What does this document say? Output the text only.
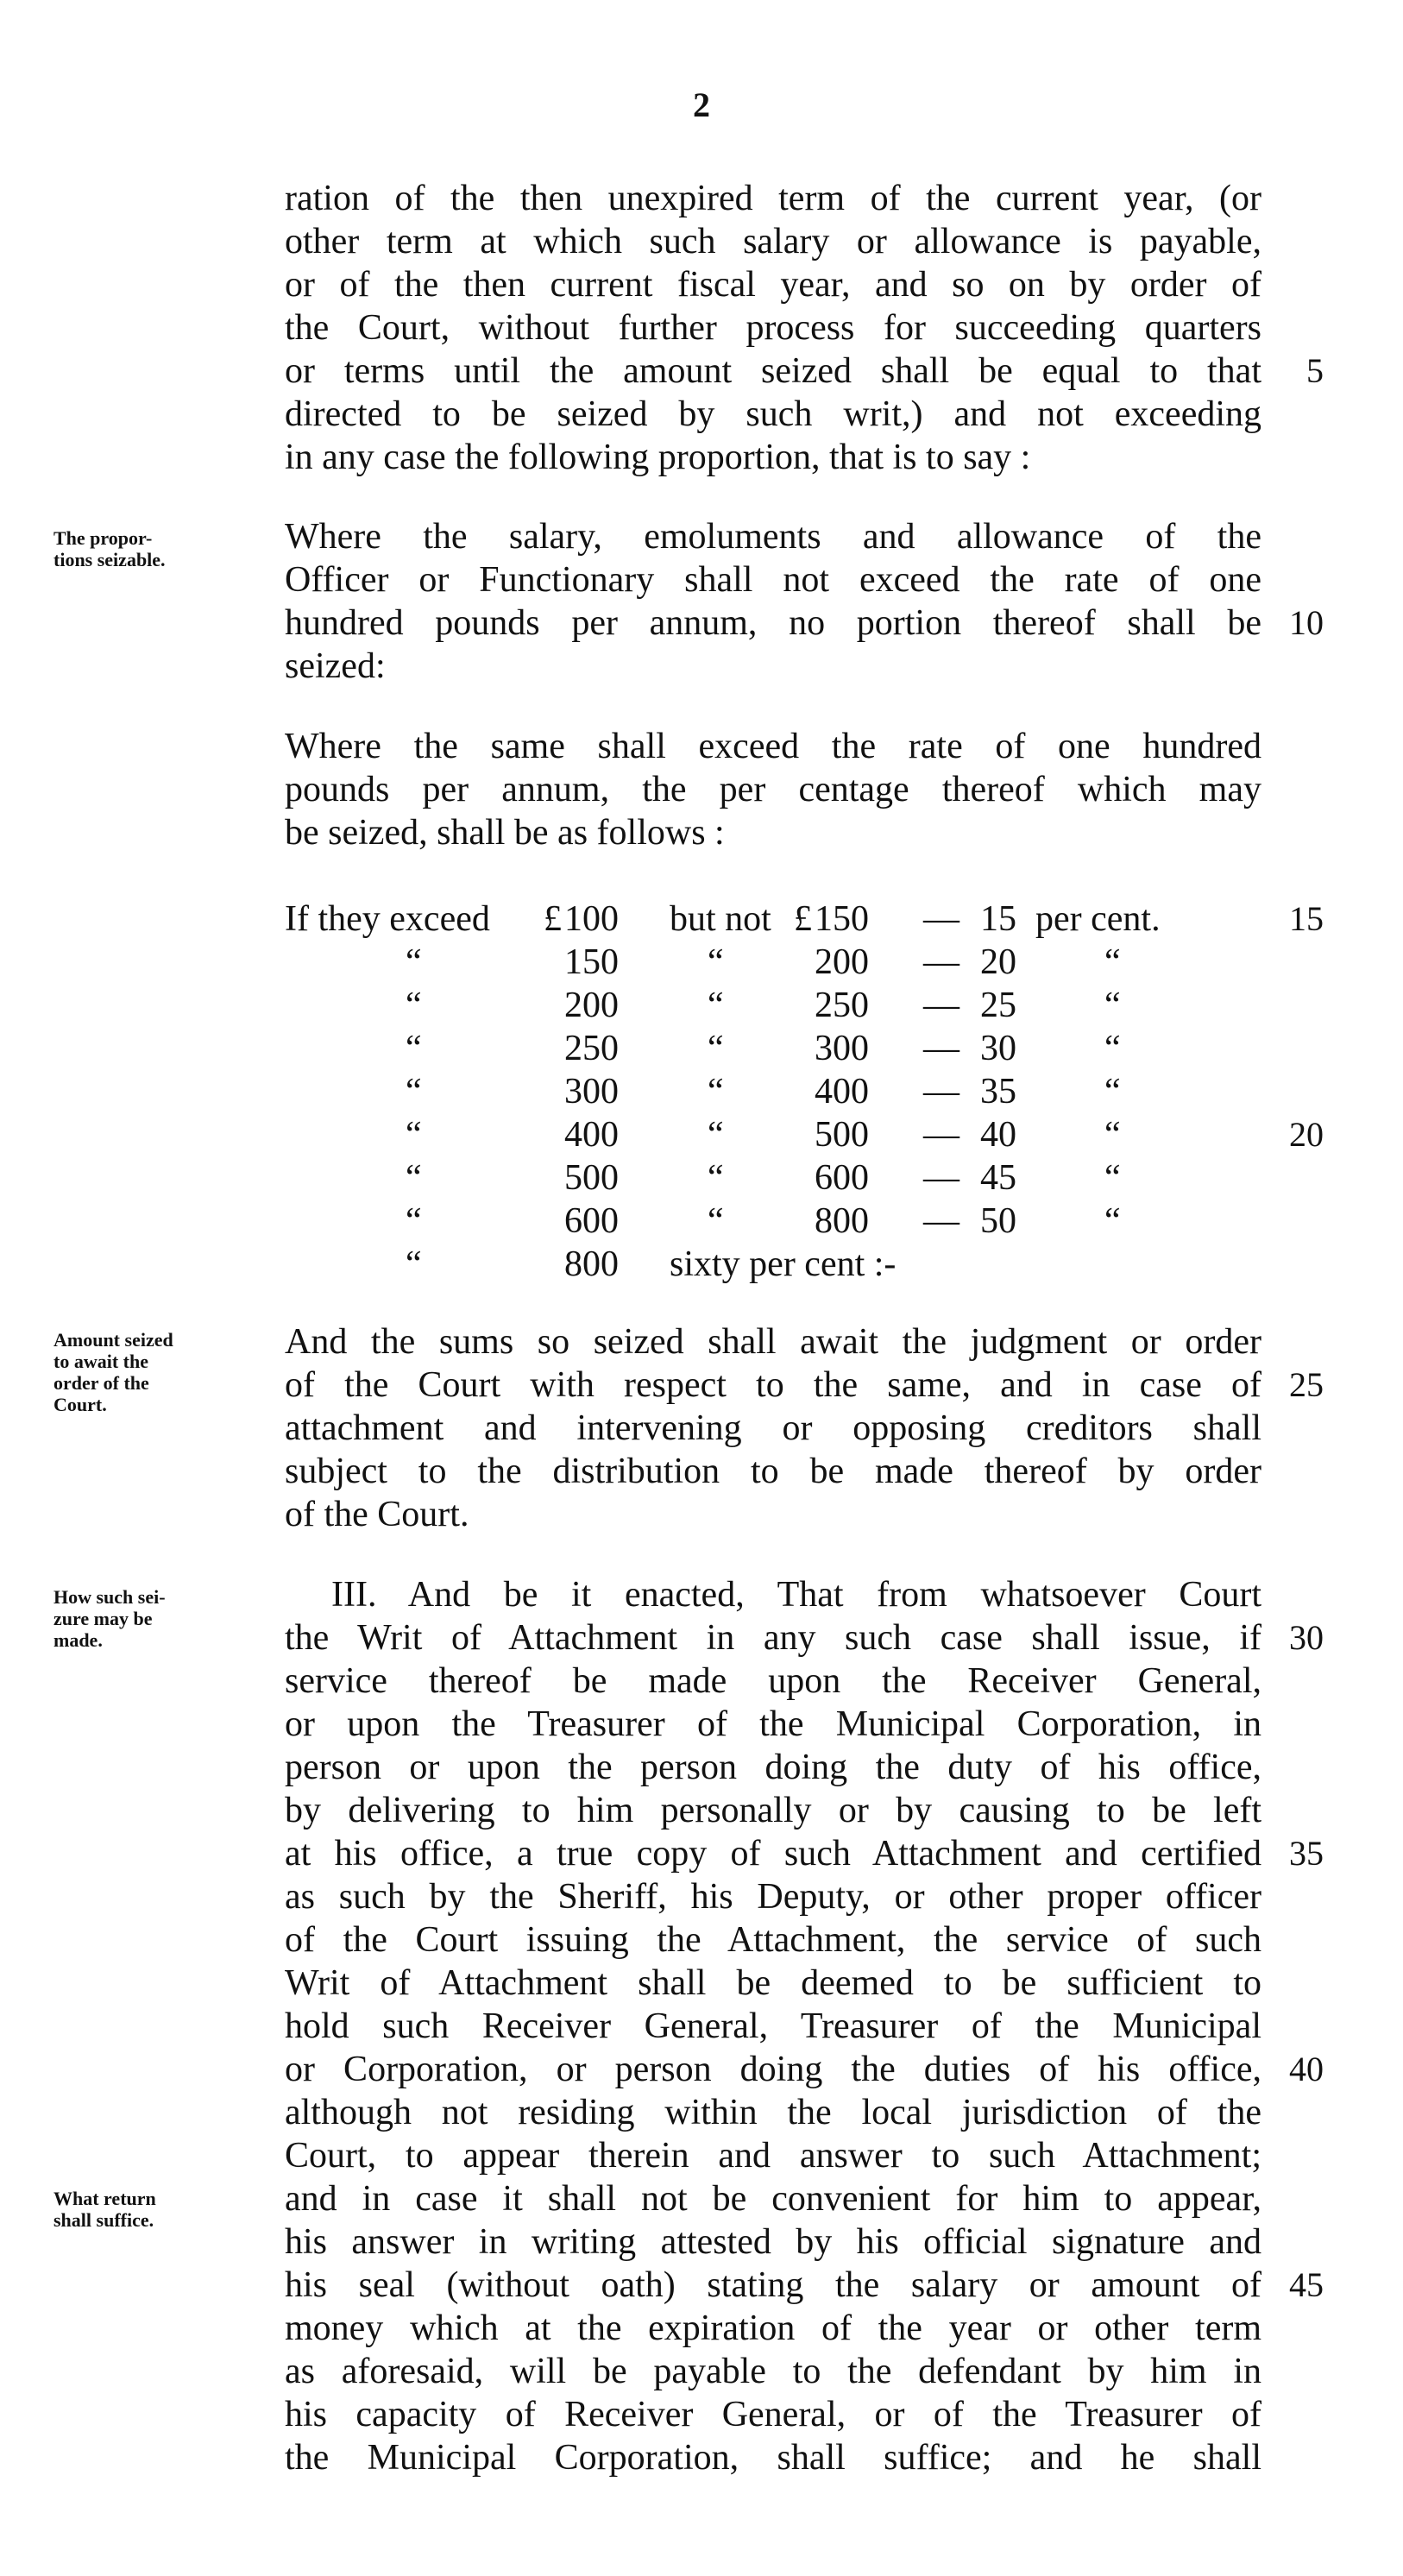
2
ration of the then unexpired term of the current year, (or
other term at which such salary or allowance is payable,
or of the then current fiscal year, and so on by order of
the Court, without further process for succeeding quarters
or terms until the amount seized shall be equal to that
directed to be seized by such writ,) and not exceeding
in any case the following proportion, that is to say :
Where the salary, emoluments and allowance of the
Officer or Functionary shall not exceed the rate of one
hundred pounds per annum, no portion thereof shall be
seized:
Where the same shall exceed the rate of one hundred
pounds per annum, the per centage thereof which may
be seized, shall be as follows :
If they exceed £ 100 but not £ 150 — 15 per cent.
“	150 “	200 — 20 “
“	200 “	250 — 25 “
“	250 “	300 — 30 “
“	300 “	400 — 35 “
“	400 “	500 — 40 “
“	500 “	600 — 45 “
“	600 “	800 — 50 “
“	800 sixty per cent :-
And the sums so seized shall await the judgment or order
of the Court with respect to the same, and in case of
attachment and intervening or opposing creditors shall
subject to the distribution to be made thereof by order
of the Court.
III. And be it enacted, That from whatsoever Court
the Writ of Attachment in any such case shall issue, if
service thereof be made upon the Receiver General,
or upon the Treasurer of the Municipal Corporation, in
person or upon the person doing the duty of his office,
by delivering to him personally or by causing to be left
at his office, a true copy of such Attachment and certified
as such by the Sheriff, his Deputy, or other proper officer
of the Court issuing the Attachment, the service of such
Writ of Attachment shall be deemed to be sufficient to
hold such Receiver General, Treasurer of the Municipal
or Corporation, or person doing the duties of his office,
although not residing within the local jurisdiction of the
Court, to appear therein and answer to such Attachment;
and in case it shall not be convenient for him to appear,
his answer in writing attested by his official signature and
his seal (without oath) stating the salary or amount of
money which at the expiration of the year or other term
as aforesaid, will be payable to the defendant by him in
his capacity of Receiver General, or of the Treasurer of
the Municipal Corporation, shall suffice; and he shall
The propor-
tions seizable.
Amount seized
to await the
order of the
Court.
How such sei-
zure may be
made.
What return
shall suffice.
5
10
15
20
25
30
35
40
45
